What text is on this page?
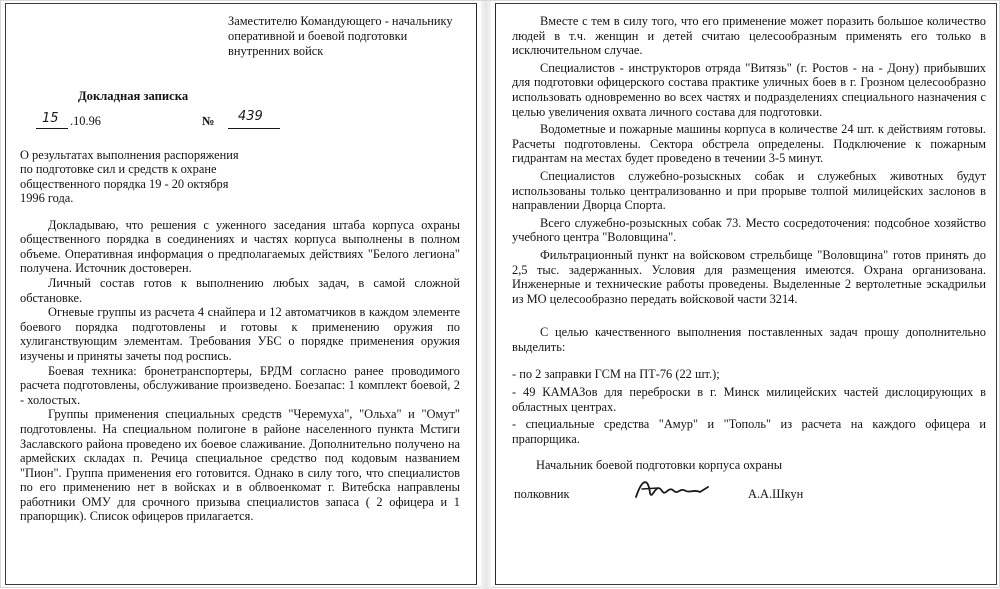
Заместителю Командующего - начальнику
оперативной и боевой подготовки
внутренних войск
Докладная записка
15 .10.96	№ 439
О результатах выполнения распоряжения
по подготовке сил и средств к охране
общественного порядка 19 - 20 октября
1996 года.

Докладываю, что решения с уженного заседания штаба корпуса охраны общественного порядка в соединениях и частях корпуса выполнены в полном объеме. Оперативная информация о предполагаемых действиях "Белого легиона" получена. Источник достоверен.

Личный состав готов к выполнению любых задач, в самой сложной обстановке.

Огневые группы из расчета 4 снайпера и 12 автоматчиков в каждом элементе боевого порядка подготовлены и готовы к применению оружия по хулиганствующим элементам. Требования УБС о порядке применения оружия изучены и приняты зачеты под роспись.

Боевая техника: бронетранспортеры, БРДМ согласно ранее проводимого расчета подготовлены, обслуживание произведено. Боезапас: 1 комплект боевой, 2 - холостых.

Группы применения специальных средств "Черемуха", "Ольха" и "Омут" подготовлены. На специальном полигоне в районе населенного пункта Мстиги Заславского района проведено их боевое слаживание. Дополнительно получено на армейских складах п. Речица специальное средство под кодовым названием "Пион". Группа применения его готовится. Однако в силу того, что специалистов по его применению нет в войсках и в облвоенкомат г. Витебска направлены работники ОМУ для срочного призыва специалистов запаса ( 2 офицера и 1 прапорщик). Список офицеров прилагается.

Вместе с тем в силу того, что его применение может поразить большое количество людей в т.ч. женщин и детей считаю целесообразным применять его только в исключительном случае.

Специалистов - инструкторов отряда "Витязь" (г. Ростов - на - Дону) прибывших для подготовки офицерского состава практике уличных боев в г. Грозном целесообразно использовать одновременно во всех частях и подразделениях специального назначения с целью увеличения охвата личного состава для подготовки.

Водометные и пожарные машины корпуса в количестве 24 шт. к действиям готовы. Расчеты подготовлены. Сектора обстрела определены. Подключение к пожарным гидрантам на местах будет проведено в течении 3-5 минут.

Специалистов служебно-розыскных собак и служебных животных будут использованы только централизованно и при прорыве толпой милицейских заслонов в направлении Дворца Спорта.

Всего служебно-розыскных собак 73. Место сосредоточения: подсобное хозяйство учебного центра "Воловщина".

Фильтрационный пункт на войсковом стрельбище "Воловщина" готов принять до 2,5 тыс. задержанных. Условия для размещения имеются. Охрана организована. Инженерные и технические работы проведены. Выделенные 2 вертолетные эскадрильи из МО целесообразно передать войсковой части 3214.

С целью качественного выполнения поставленных задач прошу дополнительно выделить:

- по 2 заправки ГСМ на ПТ-76 (22 шт.);

- 49 КАМАЗов для переброски в г. Минск милицейских частей дислоцирующих в областных центрах.

- специальные средства "Амур" и "Тополь" из расчета на каждого офицера и прапорщика.

Начальник боевой подготовки корпуса охраны
полковник	А.А.Шкун
